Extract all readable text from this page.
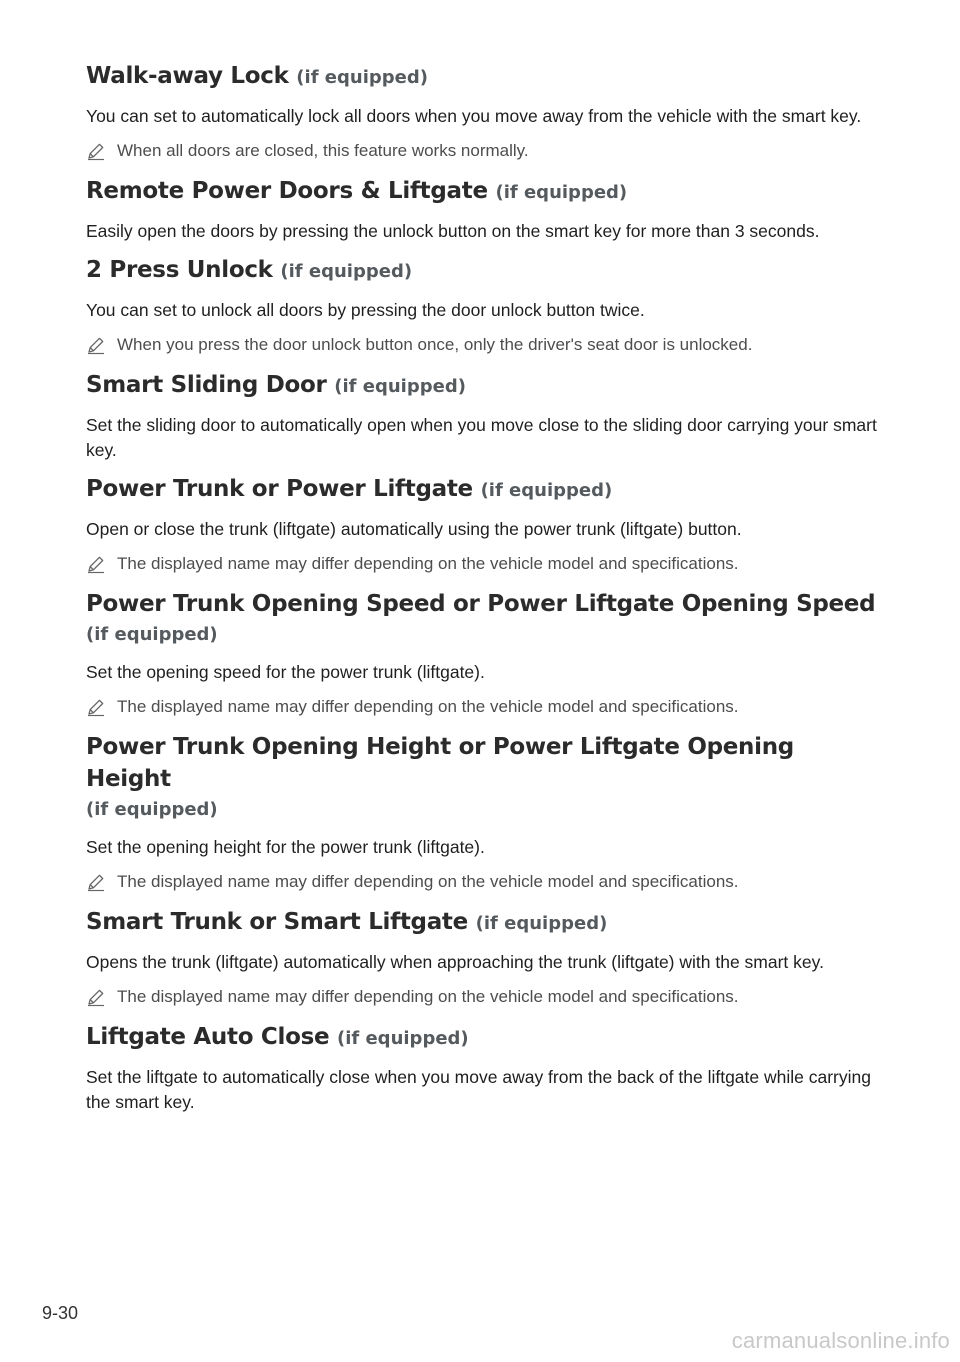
Walk-away Lock (if equipped)

You can set to automatically lock all doors when you move away from the vehicle with the smart key.

When all doors are closed, this feature works normally.
Remote Power Doors & Liftgate (if equipped)

Easily open the doors by pressing the unlock button on the smart key for more than 3 seconds.

2 Press Unlock (if equipped)

You can set to unlock all doors by pressing the door unlock button twice.

When you press the door unlock button once, only the driver's seat door is unlocked.
Smart Sliding Door (if equipped)

Set the sliding door to automatically open when you move close to the sliding door carrying your smart key.

Power Trunk or Power Liftgate (if equipped)

Open or close the trunk (liftgate) automatically using the power trunk (liftgate) button.

The displayed name may differ depending on the vehicle model and specifications.
Power Trunk Opening Speed or Power Liftgate Opening Speed
(if equipped)

Set the opening speed for the power trunk (liftgate).

The displayed name may differ depending on the vehicle model and specifications.
Power Trunk Opening Height or Power Liftgate Opening Height
(if equipped)

Set the opening height for the power trunk (liftgate).

The displayed name may differ depending on the vehicle model and specifications.
Smart Trunk or Smart Liftgate (if equipped)

Opens the trunk (liftgate) automatically when approaching the trunk (liftgate) with the smart key.

The displayed name may differ depending on the vehicle model and specifications.
Liftgate Auto Close (if equipped)

Set the liftgate to automatically close when you move away from the back of the liftgate while carrying the smart key.

9-30
carmanualsonline.info
